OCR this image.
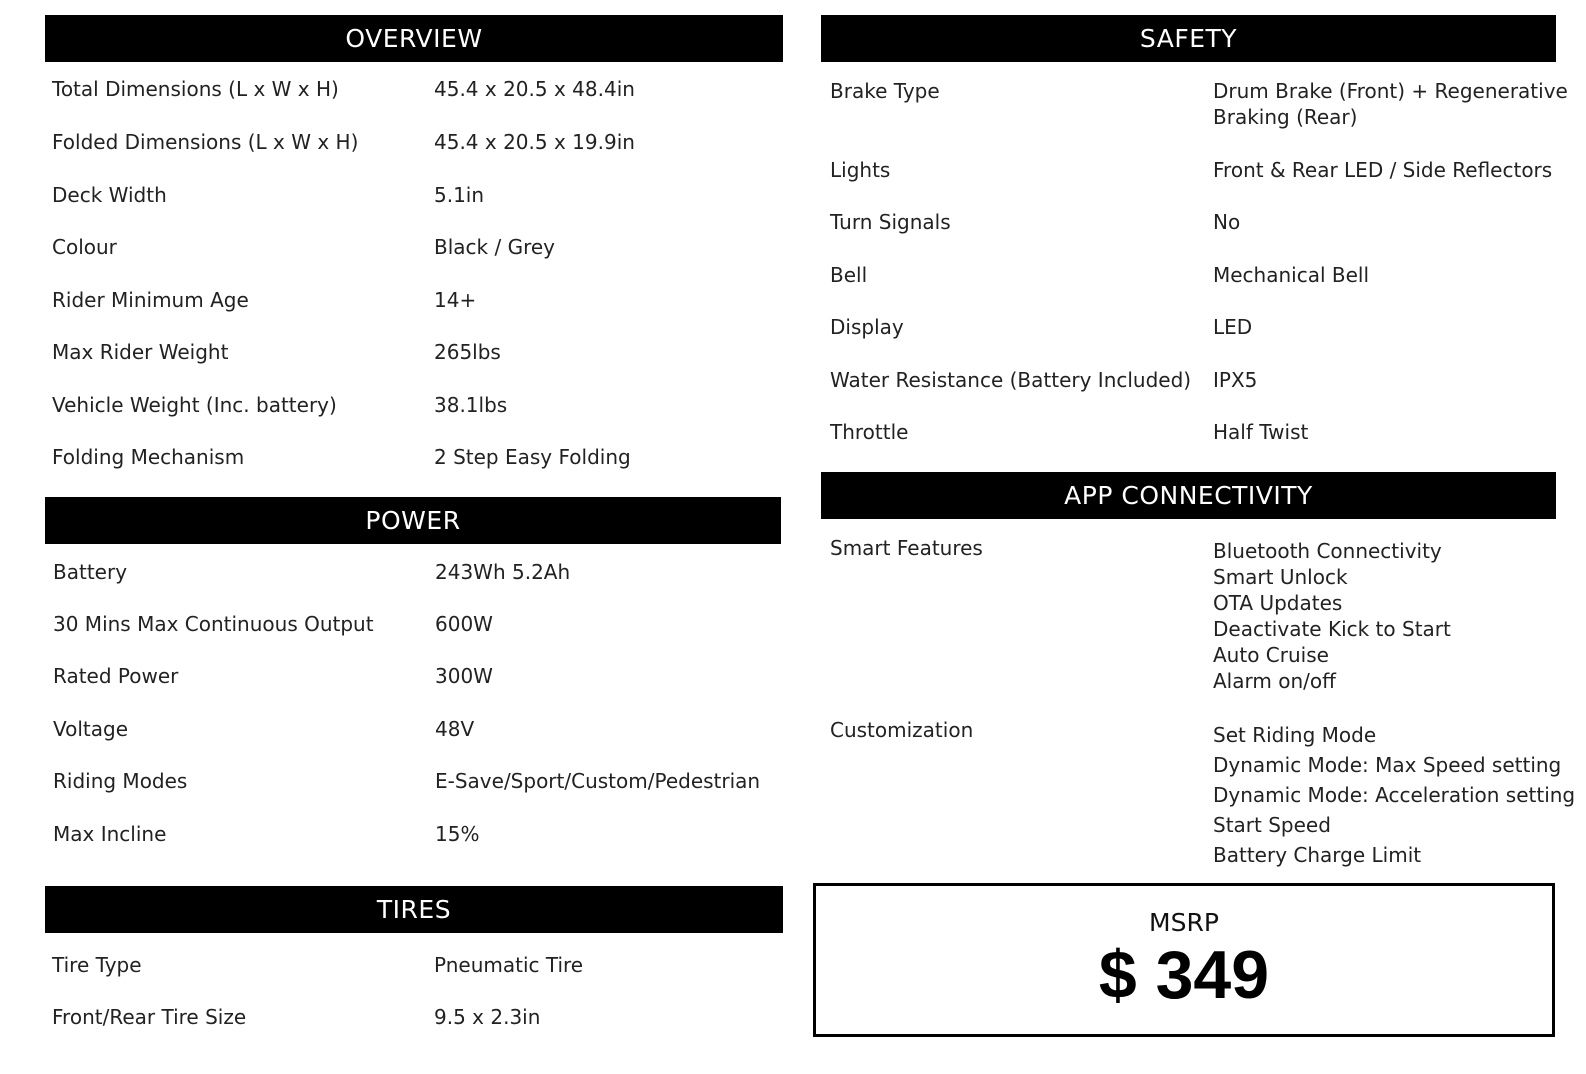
OVERVIEW
Total Dimensions (L x W x H)	45.4 x 20.5 x 48.4in
Folded Dimensions (L x W x H)	45.4 x 20.5 x 19.9in
Deck Width	5.1in
Colour	Black / Grey
Rider Minimum Age	14+
Max Rider Weight	265lbs
Vehicle Weight (Inc. battery)	38.1lbs
Folding Mechanism	2 Step Easy Folding
POWER
Battery	243Wh 5.2Ah
30 Mins Max Continuous Output	600W
Rated Power	300W
Voltage	48V
Riding Modes	E-Save/Sport/Custom/Pedestrian
Max Incline	15%
TIRES
Tire Type	Pneumatic Tire
Front/Rear Tire Size	9.5 x 2.3in
SAFETY
Brake Type	Drum Brake (Front) + Regenerative
Braking (Rear)
Lights	Front & Rear LED / Side Reflectors
Turn Signals	No
Bell	Mechanical Bell
Display	LED
Water Resistance (Battery Included) IPX5
Throttle	Half Twist
APP CONNECTIVITY
Smart Features	Bluetooth Connectivity
Smart Unlock
OTA Updates
Deactivate Kick to Start
Auto Cruise
Alarm on/off
Customization	Set Riding Mode
Dynamic Mode: Max Speed setting
Dynamic Mode: Acceleration setting
Start Speed
Battery Charge Limit
MSRP
$ 349
